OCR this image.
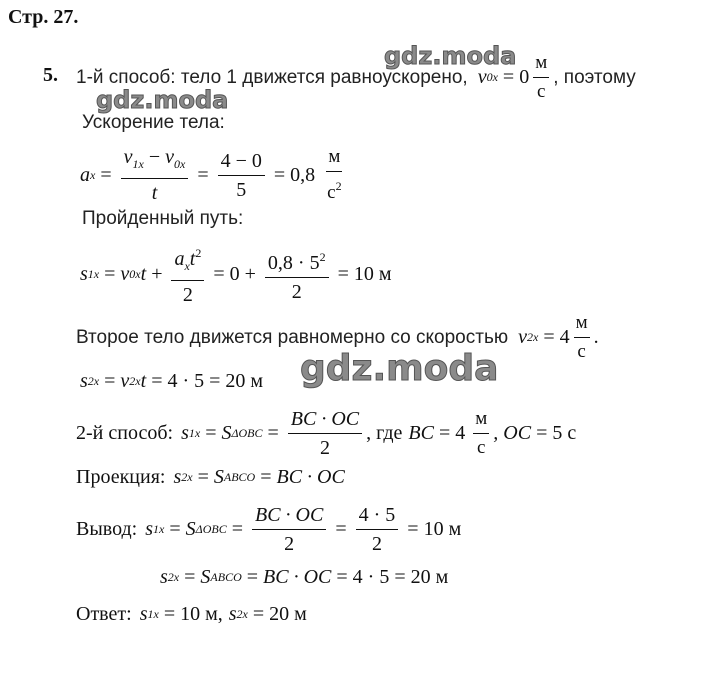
Стр. 27.
gdz.moda
gdz.moda
gdz.moda
5. 1-й способ: тело 1 движется равноускорено, v $0x = 0 \frac{м}{с}$ , поэтому
Ускорение тела:
a $x = \frac{v_{1x} - v_{0x}}{t} = \frac{4 - 0}{5} = 0,8 \frac{м}{с^2}$
Пройденный путь:
s 1x = v 0x $t + \frac{a_xt^2}{2} = 0 + \frac{0,8 \cdot 5^2}{2} = 10$ м
Второе тело движется равномерно со скоростью v $2x = 4 \frac{м}{с}$ .
s 2x = v 2x t = 4 · 5 = 20 м
2-й способ: s 1x = S $\Delta OBC = \frac{BC \cdot OC}{2}$ , где BC = $4 \frac{м}{с}$ , OC = 5 с
Проекция: s 2x = S ABCO = BC · OC
Вывод: s 1x = S $\Delta OBC = \frac{BC \cdot OC}{2} = \frac{4 \cdot 5}{2} = 10$ м
s 2x = S ABCO = BC · OC = 4 · 5 = 20 м
Ответ: s 1x = 10 м, s 2x = 20 м
